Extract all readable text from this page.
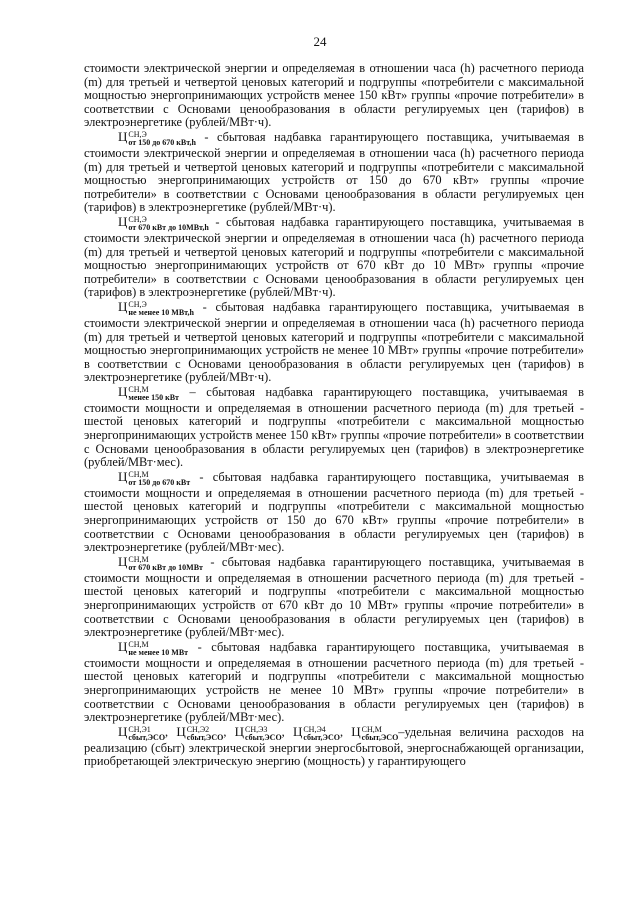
24

стоимости электрической энергии и определяемая в отношении часа (h) расчетного периода (m) для третьей и четвертой ценовых категорий и подгруппы «потребители с максимальной мощностью энергопринимающих устройств менее 150 кВт» группы «прочие потребители» в соответствии с Основами ценообразования в области регулируемых цен (тарифов) в электроэнергетике (рублей/МВт·ч).

Ц СН,Э
от 150 до 670 кВт,h - сбытовая надбавка гарантирующего поставщика, учитываемая в стоимости электрической энергии и определяемая в отношении часа (h) расчетного периода (m) для третьей и четвертой ценовых категорий и подгруппы «потребители с максимальной мощностью энергопринимающих устройств от 150 до 670 кВт» группы «прочие потребители» в соответствии с Основами ценообразования в области регулируемых цен (тарифов) в электроэнергетике (рублей/МВт·ч).

Ц СН,Э
от 670 кВт до 10МВт,h - сбытовая надбавка гарантирующего поставщика, учитываемая в стоимости электрической энергии и определяемая в отношении часа (h) расчетного периода (m) для третьей и четвертой ценовых категорий и подгруппы «потребители с максимальной мощностью энергопринимающих устройств от 670 кВт до 10 МВт» группы «прочие потребители» в соответствии с Основами ценообразования в области регулируемых цен (тарифов) в электроэнергетике (рублей/МВт·ч).

Ц СН,Э
не менее 10 МВт,h - сбытовая надбавка гарантирующего поставщика, учитываемая в стоимости электрической энергии и определяемая в отношении часа (h) расчетного периода (m) для третьей и четвертой ценовых категорий и подгруппы «потребители с максимальной мощностью энергопринимающих устройств не менее 10 МВт» группы «прочие потребители» в соответствии с Основами ценообразования в области регулируемых цен (тарифов) в электроэнергетике (рублей/МВт·ч).

Ц СН,М
менее 150 кВт – сбытовая надбавка гарантирующего поставщика, учитываемая в стоимости мощности и определяемая в отношении расчетного периода (m) для третьей - шестой ценовых категорий и подгруппы «потребители с максимальной мощностью энергопринимающих устройств менее 150 кВт» группы «прочие потребители» в соответствии с Основами ценообразования в области регулируемых цен (тарифов) в электроэнергетике (рублей/МВт·мес).

Ц СН,М
от 150 до 670 кВт - сбытовая надбавка гарантирующего поставщика, учитываемая в стоимости мощности и определяемая в отношении расчетного периода (m) для третьей - шестой ценовых категорий и подгруппы «потребители с максимальной мощностью энергопринимающих устройств от 150 до 670 кВт» группы «прочие потребители» в соответствии с Основами ценообразования в области регулируемых цен (тарифов) в электроэнергетике (рублей/МВт·мес).

Ц СН,М
от 670 кВт до 10МВт - сбытовая надбавка гарантирующего поставщика, учитываемая в стоимости мощности и определяемая в отношении расчетного периода (m) для третьей - шестой ценовых категорий и подгруппы «потребители с максимальной мощностью энергопринимающих устройств от 670 кВт до 10 МВт» группы «прочие потребители» в соответствии с Основами ценообразования в области регулируемых цен (тарифов) в электроэнергетике (рублей/МВт·мес).

Ц СН,М
не менее 10 МВт - сбытовая надбавка гарантирующего поставщика, учитываемая в стоимости мощности и определяемая в отношении расчетного периода (m) для третьей - шестой ценовых категорий и подгруппы «потребители с максимальной мощностью энергопринимающих устройств не менее 10 МВт» группы «прочие потребители» в соответствии с Основами ценообразования в области регулируемых цен (тарифов) в электроэнергетике (рублей/МВт·мес).

Ц СН,Э1
сбыт,ЭСО , Ц СН,Э2
сбыт,ЭСО , Ц СН,Э3
сбыт,ЭСО , Ц СН,Э4
сбыт,ЭСО , Ц СН,М
сбыт,ЭСО –удельная величина расходов на реализацию (сбыт) электрической энергии энергосбытовой, энергоснабжающей организации, приобретающей электрическую энергию (мощность) у гарантирующего
